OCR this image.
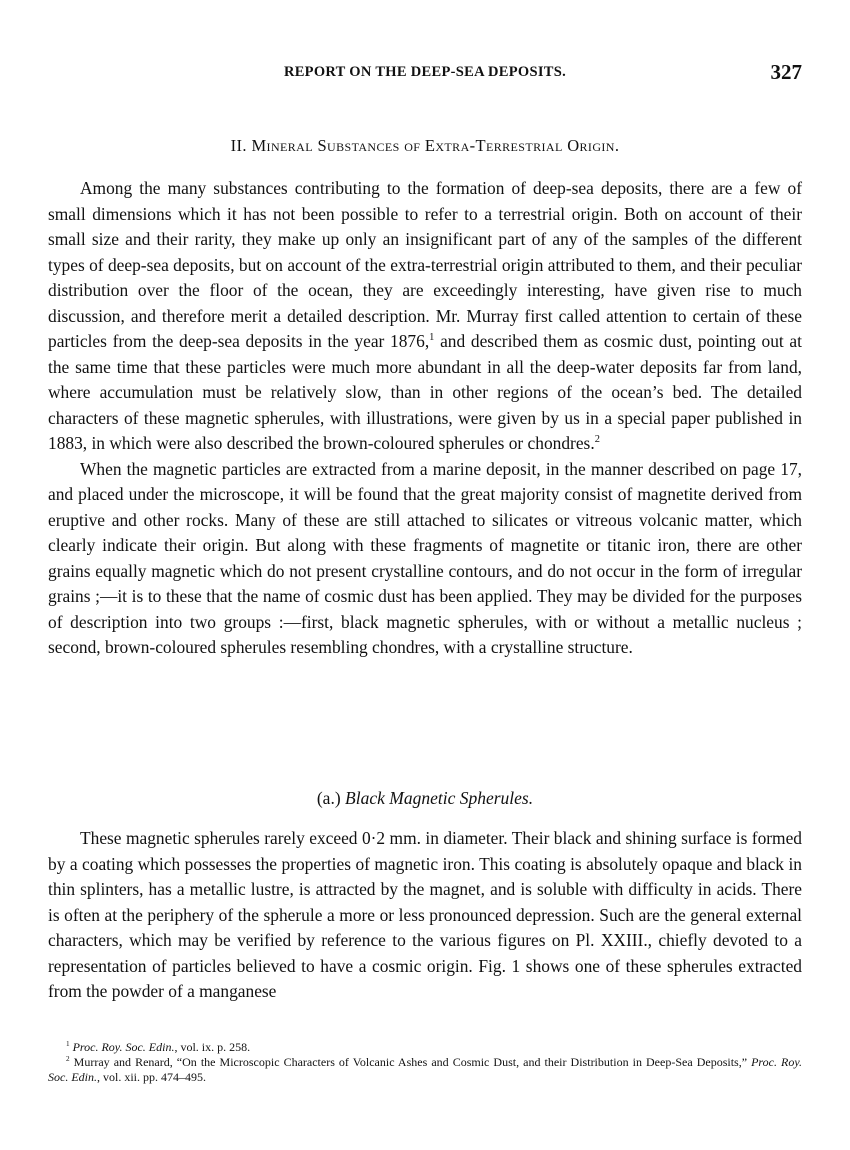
REPORT ON THE DEEP-SEA DEPOSITS.	327
II. Mineral Substances of Extra-Terrestrial Origin.

Among the many substances contributing to the formation of deep-sea deposits, there are a few of small dimensions which it has not been possible to refer to a terrestrial origin. Both on account of their small size and their rarity, they make up only an insignificant part of any of the samples of the different types of deep-sea deposits, but on account of the extra-terrestrial origin attributed to them, and their peculiar distribution over the floor of the ocean, they are exceedingly interesting, have given rise to much discussion, and therefore merit a detailed description. Mr. Murray first called attention to certain of these particles from the deep-sea deposits in the year 1876,$^1$ and described them as cosmic dust, pointing out at the same time that these particles were much more abundant in all the deep-water deposits far from land, where accumulation must be relatively slow, than in other regions of the ocean’s bed. The detailed characters of these magnetic spherules, with illustrations, were given by us in a special paper published in 1883, in which were also described the brown-coloured spherules or chondres.$^2$

When the magnetic particles are extracted from a marine deposit, in the manner described on page 17, and placed under the microscope, it will be found that the great majority consist of magnetite derived from eruptive and other rocks. Many of these are still attached to silicates or vitreous volcanic matter, which clearly indicate their origin. But along with these fragments of magnetite or titanic iron, there are other grains equally magnetic which do not present crystalline contours, and do not occur in the form of irregular grains ;—it is to these that the name of cosmic dust has been applied. They may be divided for the purposes of description into two groups :—first, black magnetic spherules, with or without a metallic nucleus ; second, brown-coloured spherules resembling chondres, with a crystalline structure.

(a.) Black Magnetic Spherules.

These magnetic spherules rarely exceed 0·2 mm. in diameter. Their black and shining surface is formed by a coating which possesses the properties of magnetic iron. This coating is absolutely opaque and black in thin splinters, has a metallic lustre, is attracted by the magnet, and is soluble with difficulty in acids. There is often at the periphery of the spherule a more or less pronounced depression. Such are the general external characters, which may be verified by reference to the various figures on Pl. XXIII., chiefly devoted to a representation of particles believed to have a cosmic origin. Fig. 1 shows one of these spherules extracted from the powder of a manganese

$^1$ Proc. Roy. Soc. Edin., vol. ix. p. 258.

$^2$ Murray and Renard, “On the Microscopic Characters of Volcanic Ashes and Cosmic Dust, and their Distribution in Deep-Sea Deposits,” Proc. Roy. Soc. Edin., vol. xii. pp. 474–495.
